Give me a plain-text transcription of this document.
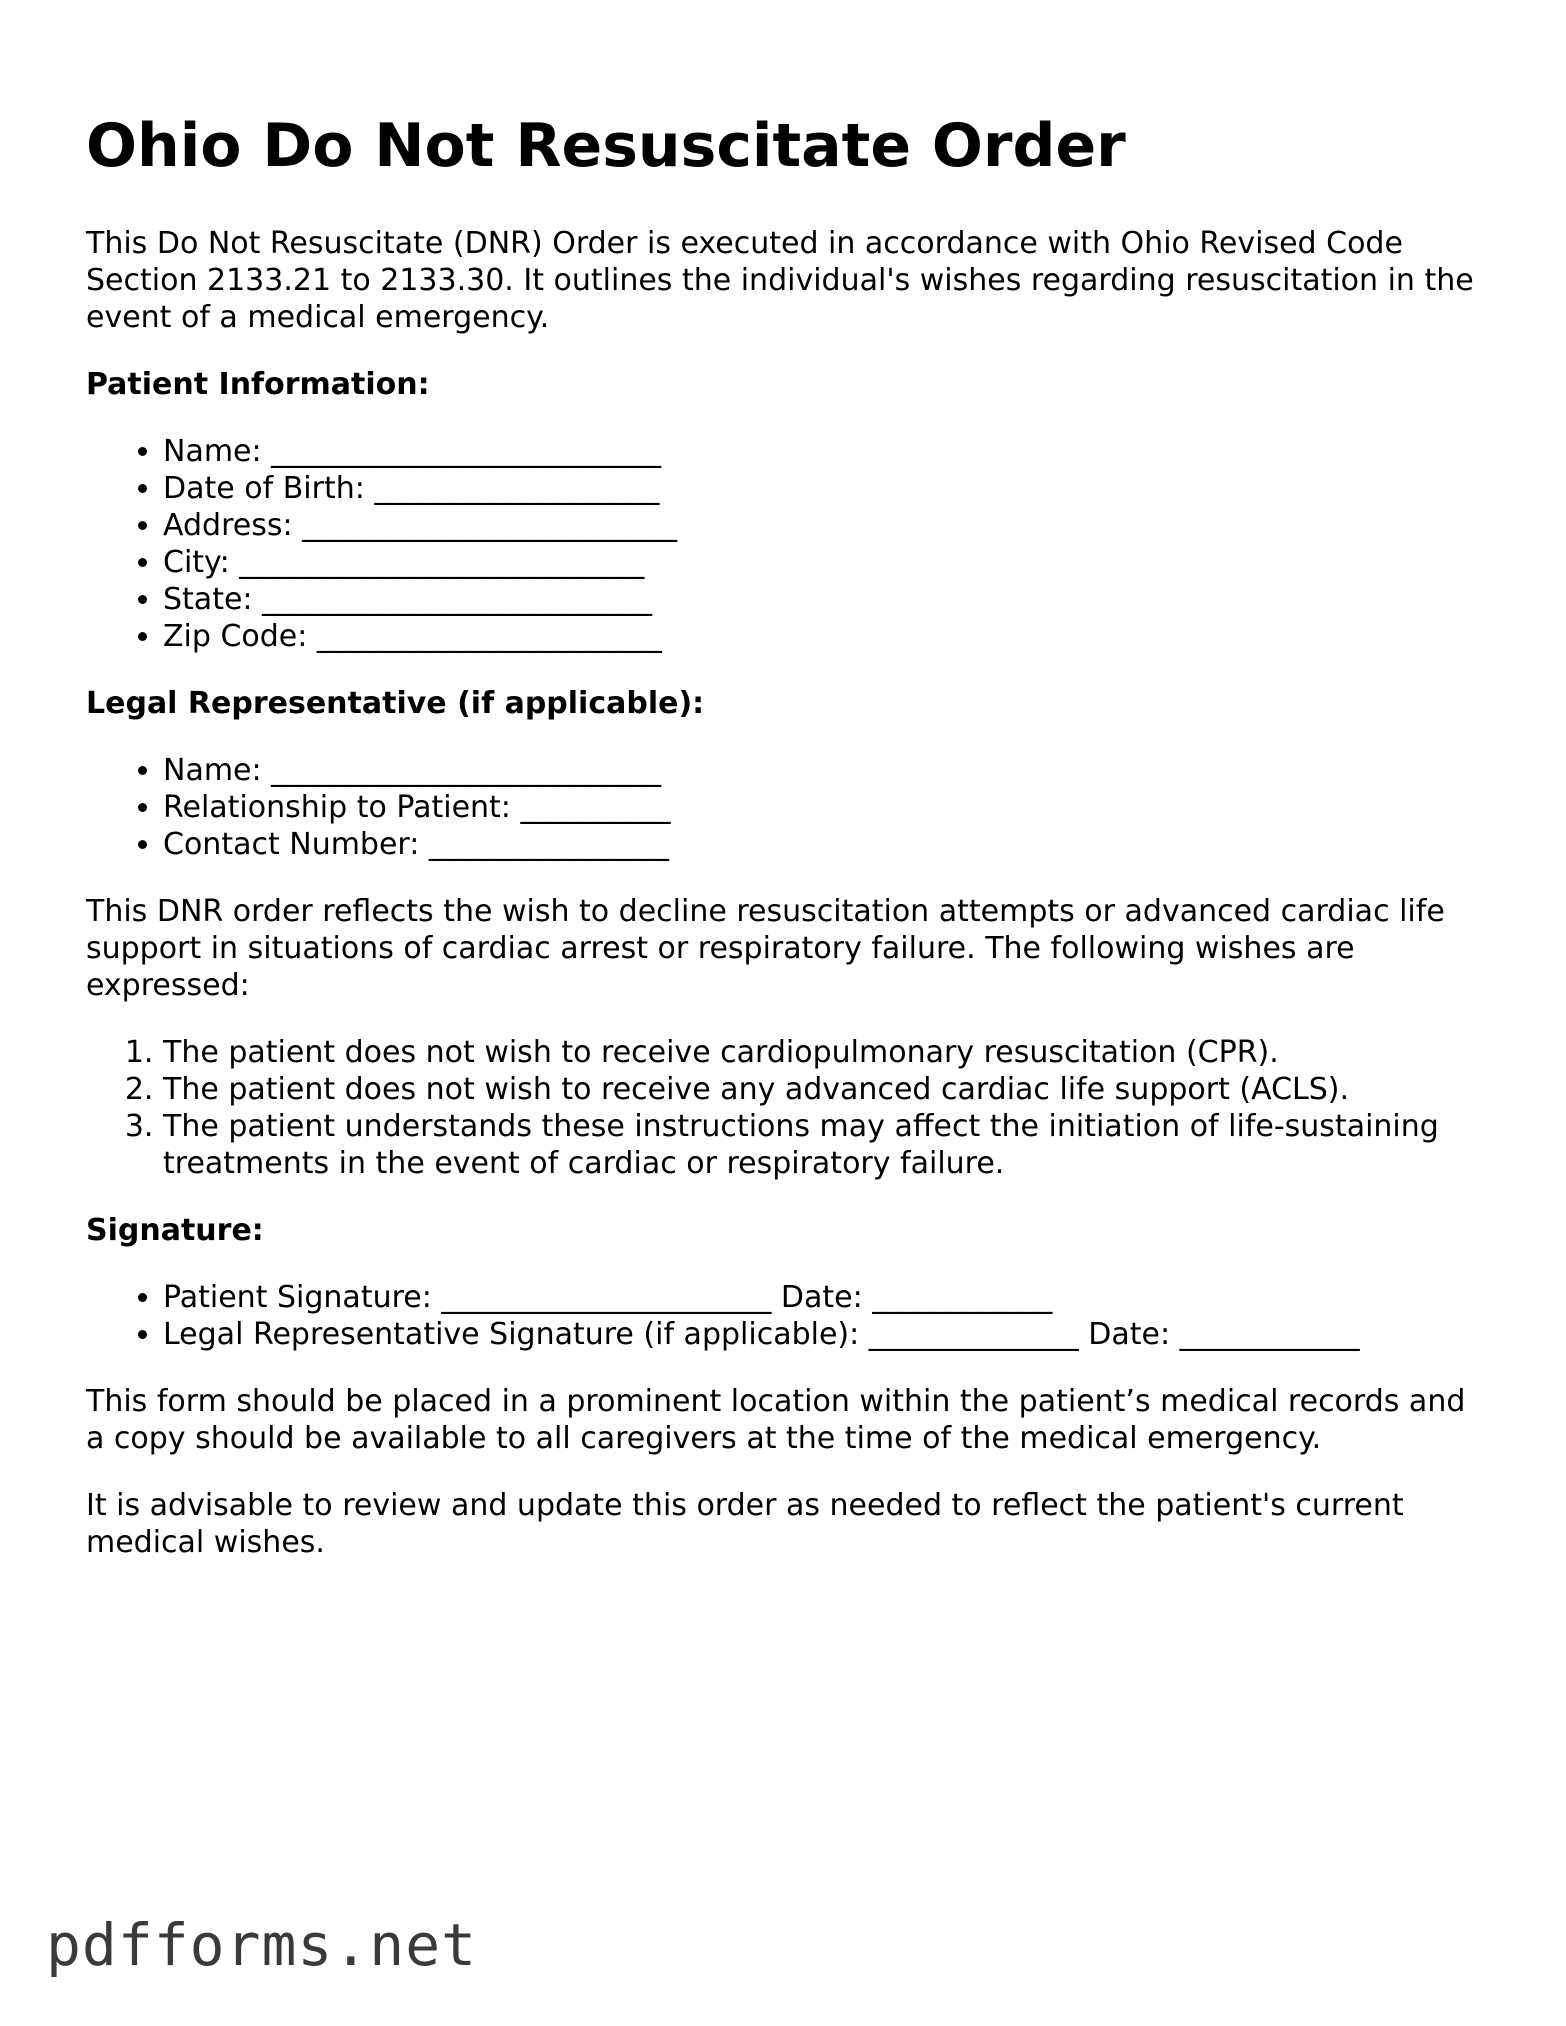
Ohio Do Not Resuscitate Order

This Do Not Resuscitate (DNR) Order is executed in accordance with Ohio Revised Code Section 2133.21 to 2133.30. It outlines the individual's wishes regarding resuscitation in the event of a medical emergency.

Patient Information:
• Name: __________________________
• Date of Birth: ___________________
• Address: _________________________
• City: ___________________________
• State: __________________________
• Zip Code: _______________________
Legal Representative (if applicable):
• Name: __________________________
• Relationship to Patient: __________
• Contact Number: ________________

This DNR order reflects the wish to decline resuscitation attempts or advanced cardiac life support in situations of cardiac arrest or respiratory failure. The following wishes are expressed:

1. The patient does not wish to receive cardiopulmonary resuscitation (CPR).
2. The patient does not wish to receive any advanced cardiac life support (ACLS).
3. The patient understands these instructions may affect the initiation of life-sustaining treatments in the event of cardiac or respiratory failure.
Signature:
• Patient Signature: ______________________ Date: ____________
• Legal Representative Signature (if applicable): ______________ Date: ____________

This form should be placed in a prominent location within the patient’s medical records and a copy should be available to all caregivers at the time of the medical emergency.

It is advisable to review and update this order as needed to reflect the patient's current medical wishes.

pdfforms.net
